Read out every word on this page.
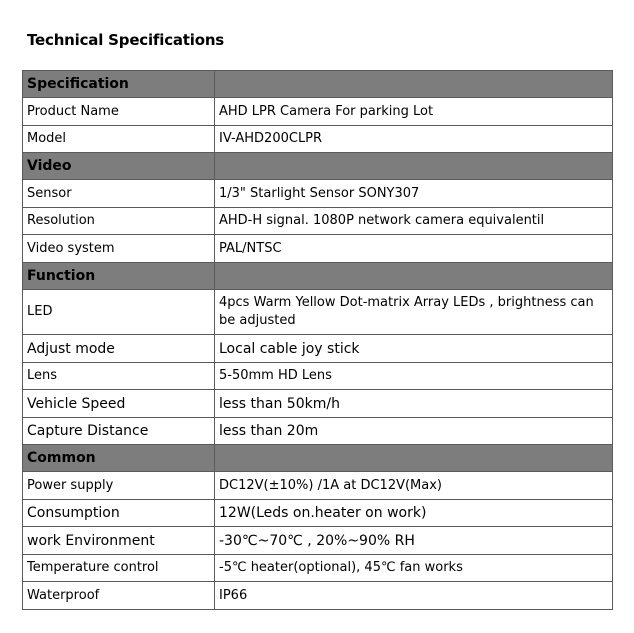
Technical Specifications
Specification	
Product Name	AHD LPR Camera For parking Lot
Model	IV-AHD200CLPR
Video	
Sensor	1/3" Starlight Sensor SONY307
Resolution	AHD-H signal. 1080P network camera equivalentil
Video system	PAL/NTSC
Function	
LED	4pcs Warm Yellow Dot-matrix Array LEDs , brightness can be adjusted
Adjust mode	Local cable joy stick
Lens	5-50mm HD Lens
Vehicle Speed	less than 50km/h
Capture Distance	less than 20m
Common	
Power supply	DC12V(±10%) /1A at DC12V(Max)
Consumption	12W(Leds on.heater on work)
work Environment	-30℃~70℃ , 20%~90% RH
Temperature control	-5℃ heater(optional), 45℃ fan works
Waterproof	IP66
